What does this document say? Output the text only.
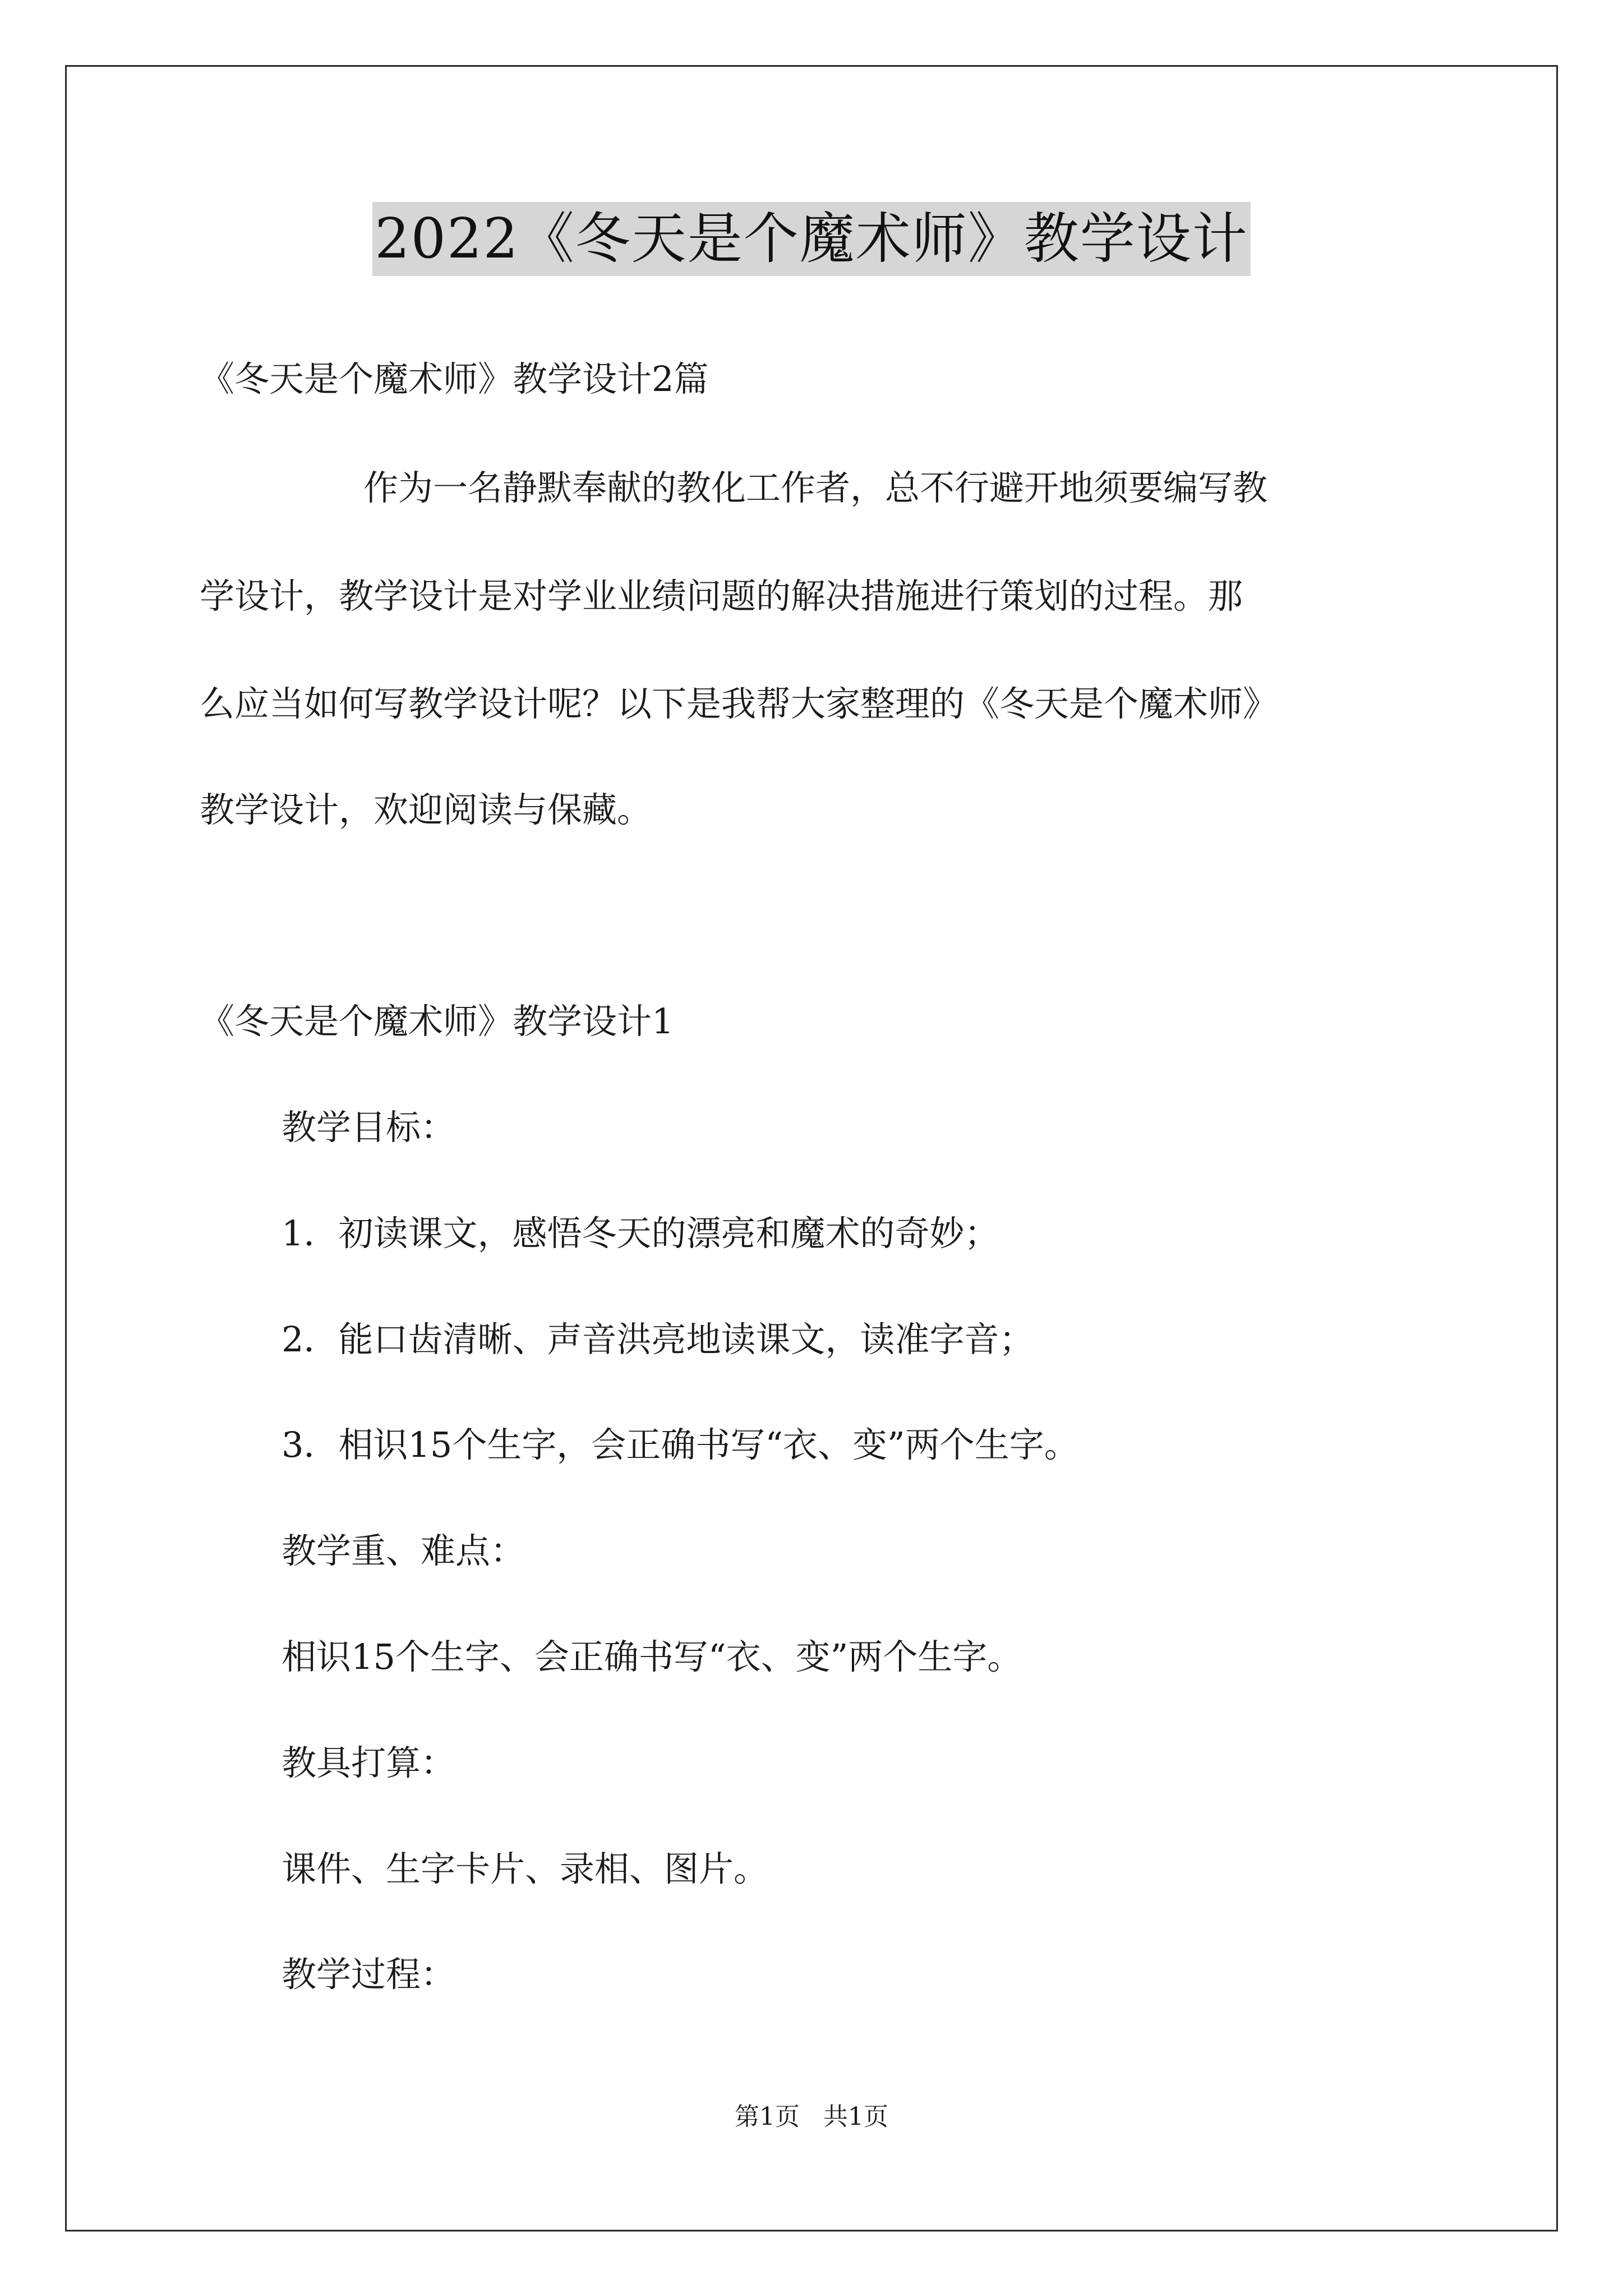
2022《冬天是个魔术师》教学设计
《冬天是个魔术师》教学设计2篇
作为一名静默奉献的教化工作者，总不行避开地须要编写教
学设计，教学设计是对学业业绩问题的解决措施进行策划的过程。那
么应当如何写教学设计呢？以下是我帮大家整理的《冬天是个魔术师》
教学设计，欢迎阅读与保藏。
《冬天是个魔术师》教学设计1
教学目标：
1．初读课文，感悟冬天的漂亮和魔术的奇妙；
2．能口齿清晰、声音洪亮地读课文，读准字音；
3．相识15个生字，会正确书写“衣、变”两个生字。
教学重、难点：
相识15个生字、会正确书写“衣、变”两个生字。
教具打算：
课件、生字卡片、录相、图片。
教学过程：
第1页 共1页
